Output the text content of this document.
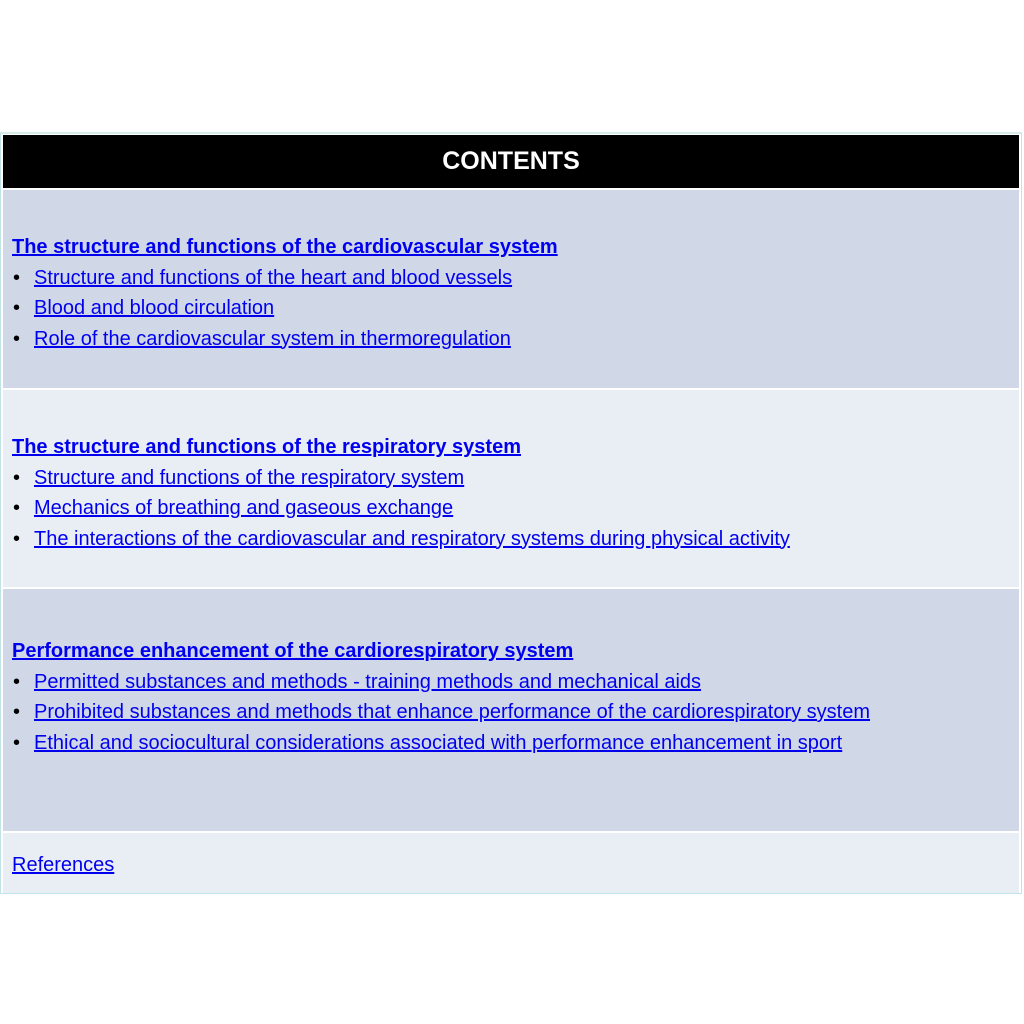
CONTENTS
The structure and functions of the cardiovascular system
• Structure and functions of the heart and blood vessels
• Blood and blood circulation
• Role of the cardiovascular system in thermoregulation
The structure and functions of the respiratory system
• Structure and functions of the respiratory system
• Mechanics of breathing and gaseous exchange
• The interactions of the cardiovascular and respiratory systems during physical activity
Performance enhancement of the cardiorespiratory system
• Permitted substances and methods - training methods and mechanical aids
• Prohibited substances and methods that enhance performance of the cardiorespiratory system
• Ethical and sociocultural considerations associated with performance enhancement in sport
References
